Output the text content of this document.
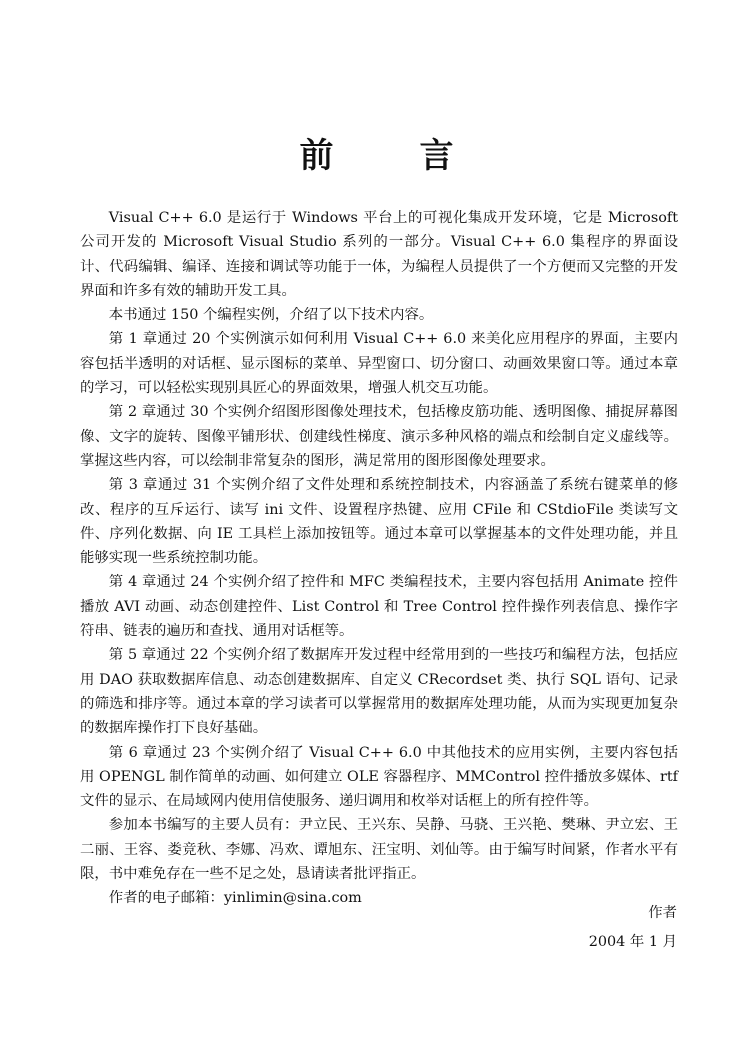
前	言

Visual C++ 6.0 是运行于 Windows 平台上的可视化集成开发环境，它是 Microsoft 公司开发的 Microsoft Visual Studio 系列的一部分。Visual C++ 6.0 集程序的界面设计、代码编辑、编译、连接和调试等功能于一体，为编程人员提供了一个方便而又完整的开发界面和许多有效的辅助开发工具。

本书通过 150 个编程实例，介绍了以下技术内容。

第 1 章通过 20 个实例演示如何利用 Visual C++ 6.0 来美化应用程序的界面，主要内容包括半透明的对话框、显示图标的菜单、异型窗口、切分窗口、动画效果窗口等。通过本章的学习，可以轻松实现别具匠心的界面效果，增强人机交互功能。

第 2 章通过 30 个实例介绍图形图像处理技术，包括橡皮筋功能、透明图像、捕捉屏幕图像、文字的旋转、图像平铺形状、创建线性梯度、演示多种风格的端点和绘制自定义虚线等。掌握这些内容，可以绘制非常复杂的图形，满足常用的图形图像处理要求。

第 3 章通过 31 个实例介绍了文件处理和系统控制技术，内容涵盖了系统右键菜单的修改、程序的互斥运行、读写 ini 文件、设置程序热键、应用 CFile 和 CStdioFile 类读写文件、序列化数据、向 IE 工具栏上添加按钮等。通过本章可以掌握基本的文件处理功能，并且能够实现一些系统控制功能。

第 4 章通过 24 个实例介绍了控件和 MFC 类编程技术，主要内容包括用 Animate 控件播放 AVI 动画、动态创建控件、List Control 和 Tree Control 控件操作列表信息、操作字符串、链表的遍历和查找、通用对话框等。

第 5 章通过 22 个实例介绍了数据库开发过程中经常用到的一些技巧和编程方法，包括应用 DAO 获取数据库信息、动态创建数据库、自定义 CRecordset 类、执行 SQL 语句、记录的筛选和排序等。通过本章的学习读者可以掌握常用的数据库处理功能，从而为实现更加复杂的数据库操作打下良好基础。

第 6 章通过 23 个实例介绍了 Visual C++ 6.0 中其他技术的应用实例，主要内容包括用 OPENGL 制作简单的动画、如何建立 OLE 容器程序、MMControl 控件播放多媒体、rtf 文件的显示、在局域网内使用信使服务、递归调用和枚举对话框上的所有控件等。

参加本书编写的主要人员有：尹立民、王兴东、吴静、马骁、王兴艳、樊琳、尹立宏、王二丽、王容、娄竞秋、李娜、冯欢、谭旭东、汪宝明、刘仙等。由于编写时间紧，作者水平有限，书中难免存在一些不足之处，恳请读者批评指正。

作者的电子邮箱：yinlimin@sina.com

作者
2004 年 1 月
